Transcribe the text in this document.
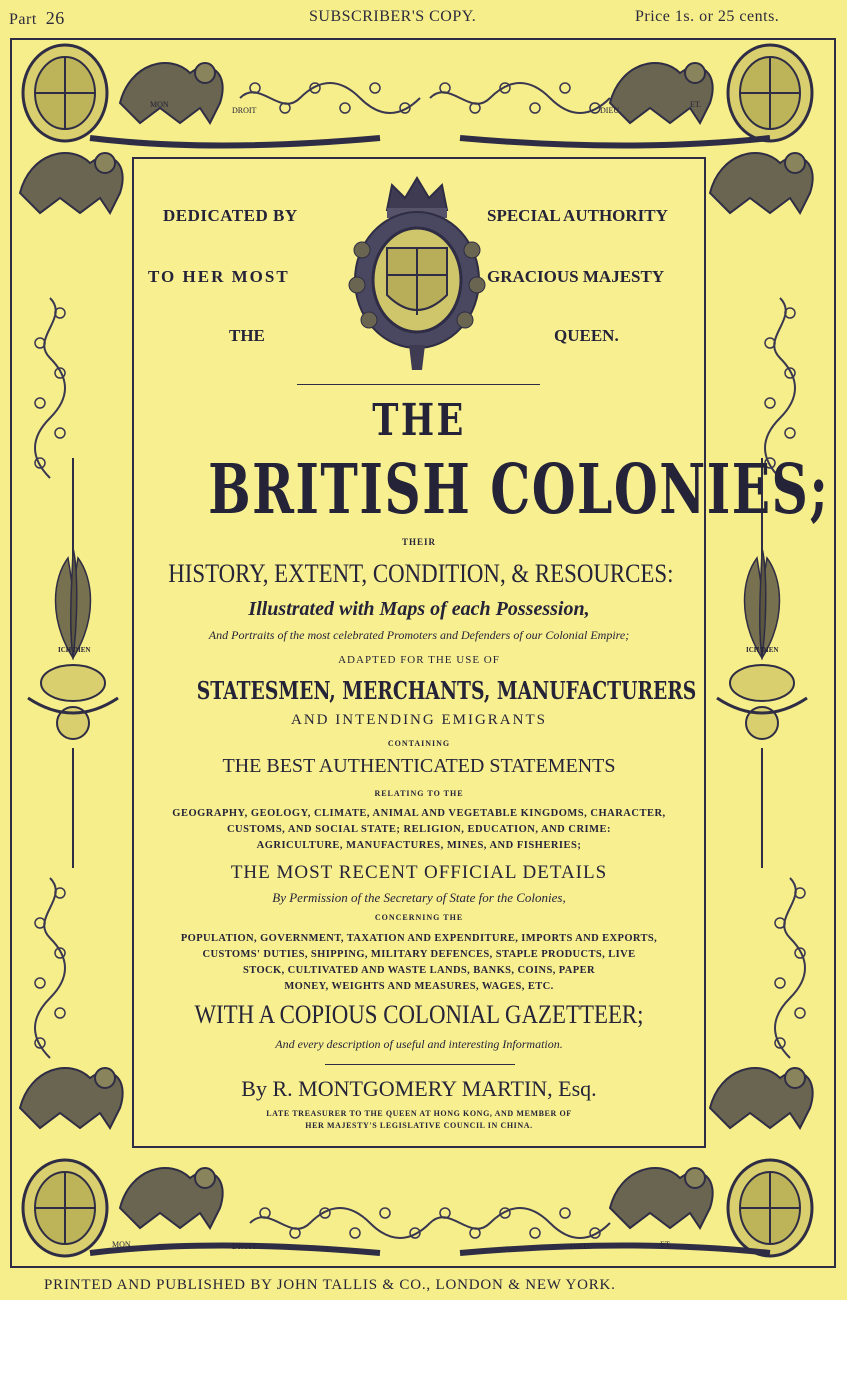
Part 26	SUBSCRIBER'S COPY.	Price 1s. or 25 cents.
MON
DROIT	DIEU.
ET.
ICH DIEN	ICH DIEN
MON	DROIT	DIEU.	ET.
DEDICATED BY	SPECIAL AUTHORITY
TO HER MOST	GRACIOUS MAJESTY
THE	QUEEN.
THE
BRITISH COLONIES;
THEIR
HISTORY, EXTENT, CONDITION, & RESOURCES:
Illustrated with Maps of each Possession,
And Portraits of the most celebrated Promoters and Defenders of our Colonial Empire;
ADAPTED FOR THE USE OF
STATESMEN, MERCHANTS, MANUFACTURERS
AND INTENDING EMIGRANTS
CONTAINING
THE BEST AUTHENTICATED STATEMENTS
RELATING TO THE
GEOGRAPHY, GEOLOGY, CLIMATE, ANIMAL AND VEGETABLE KINGDOMS, CHARACTER,
CUSTOMS, AND SOCIAL STATE; RELIGION, EDUCATION, AND CRIME:
AGRICULTURE, MANUFACTURES, MINES, AND FISHERIES;
THE MOST RECENT OFFICIAL DETAILS
By Permission of the Secretary of State for the Colonies,
CONCERNING THE
POPULATION, GOVERNMENT, TAXATION AND EXPENDITURE, IMPORTS AND EXPORTS,
CUSTOMS' DUTIES, SHIPPING, MILITARY DEFENCES, STAPLE PRODUCTS, LIVE
STOCK, CULTIVATED AND WASTE LANDS, BANKS, COINS, PAPER
MONEY, WEIGHTS AND MEASURES, WAGES, ETC.
WITH A COPIOUS COLONIAL GAZETTEER;
And every description of useful and interesting Information.
By R. MONTGOMERY MARTIN, Esq.
LATE TREASURER TO THE QUEEN AT HONG KONG, AND MEMBER OF
HER MAJESTY'S LEGISLATIVE COUNCIL IN CHINA.
PRINTED AND PUBLISHED BY JOHN TALLIS & CO., LONDON & NEW YORK.
